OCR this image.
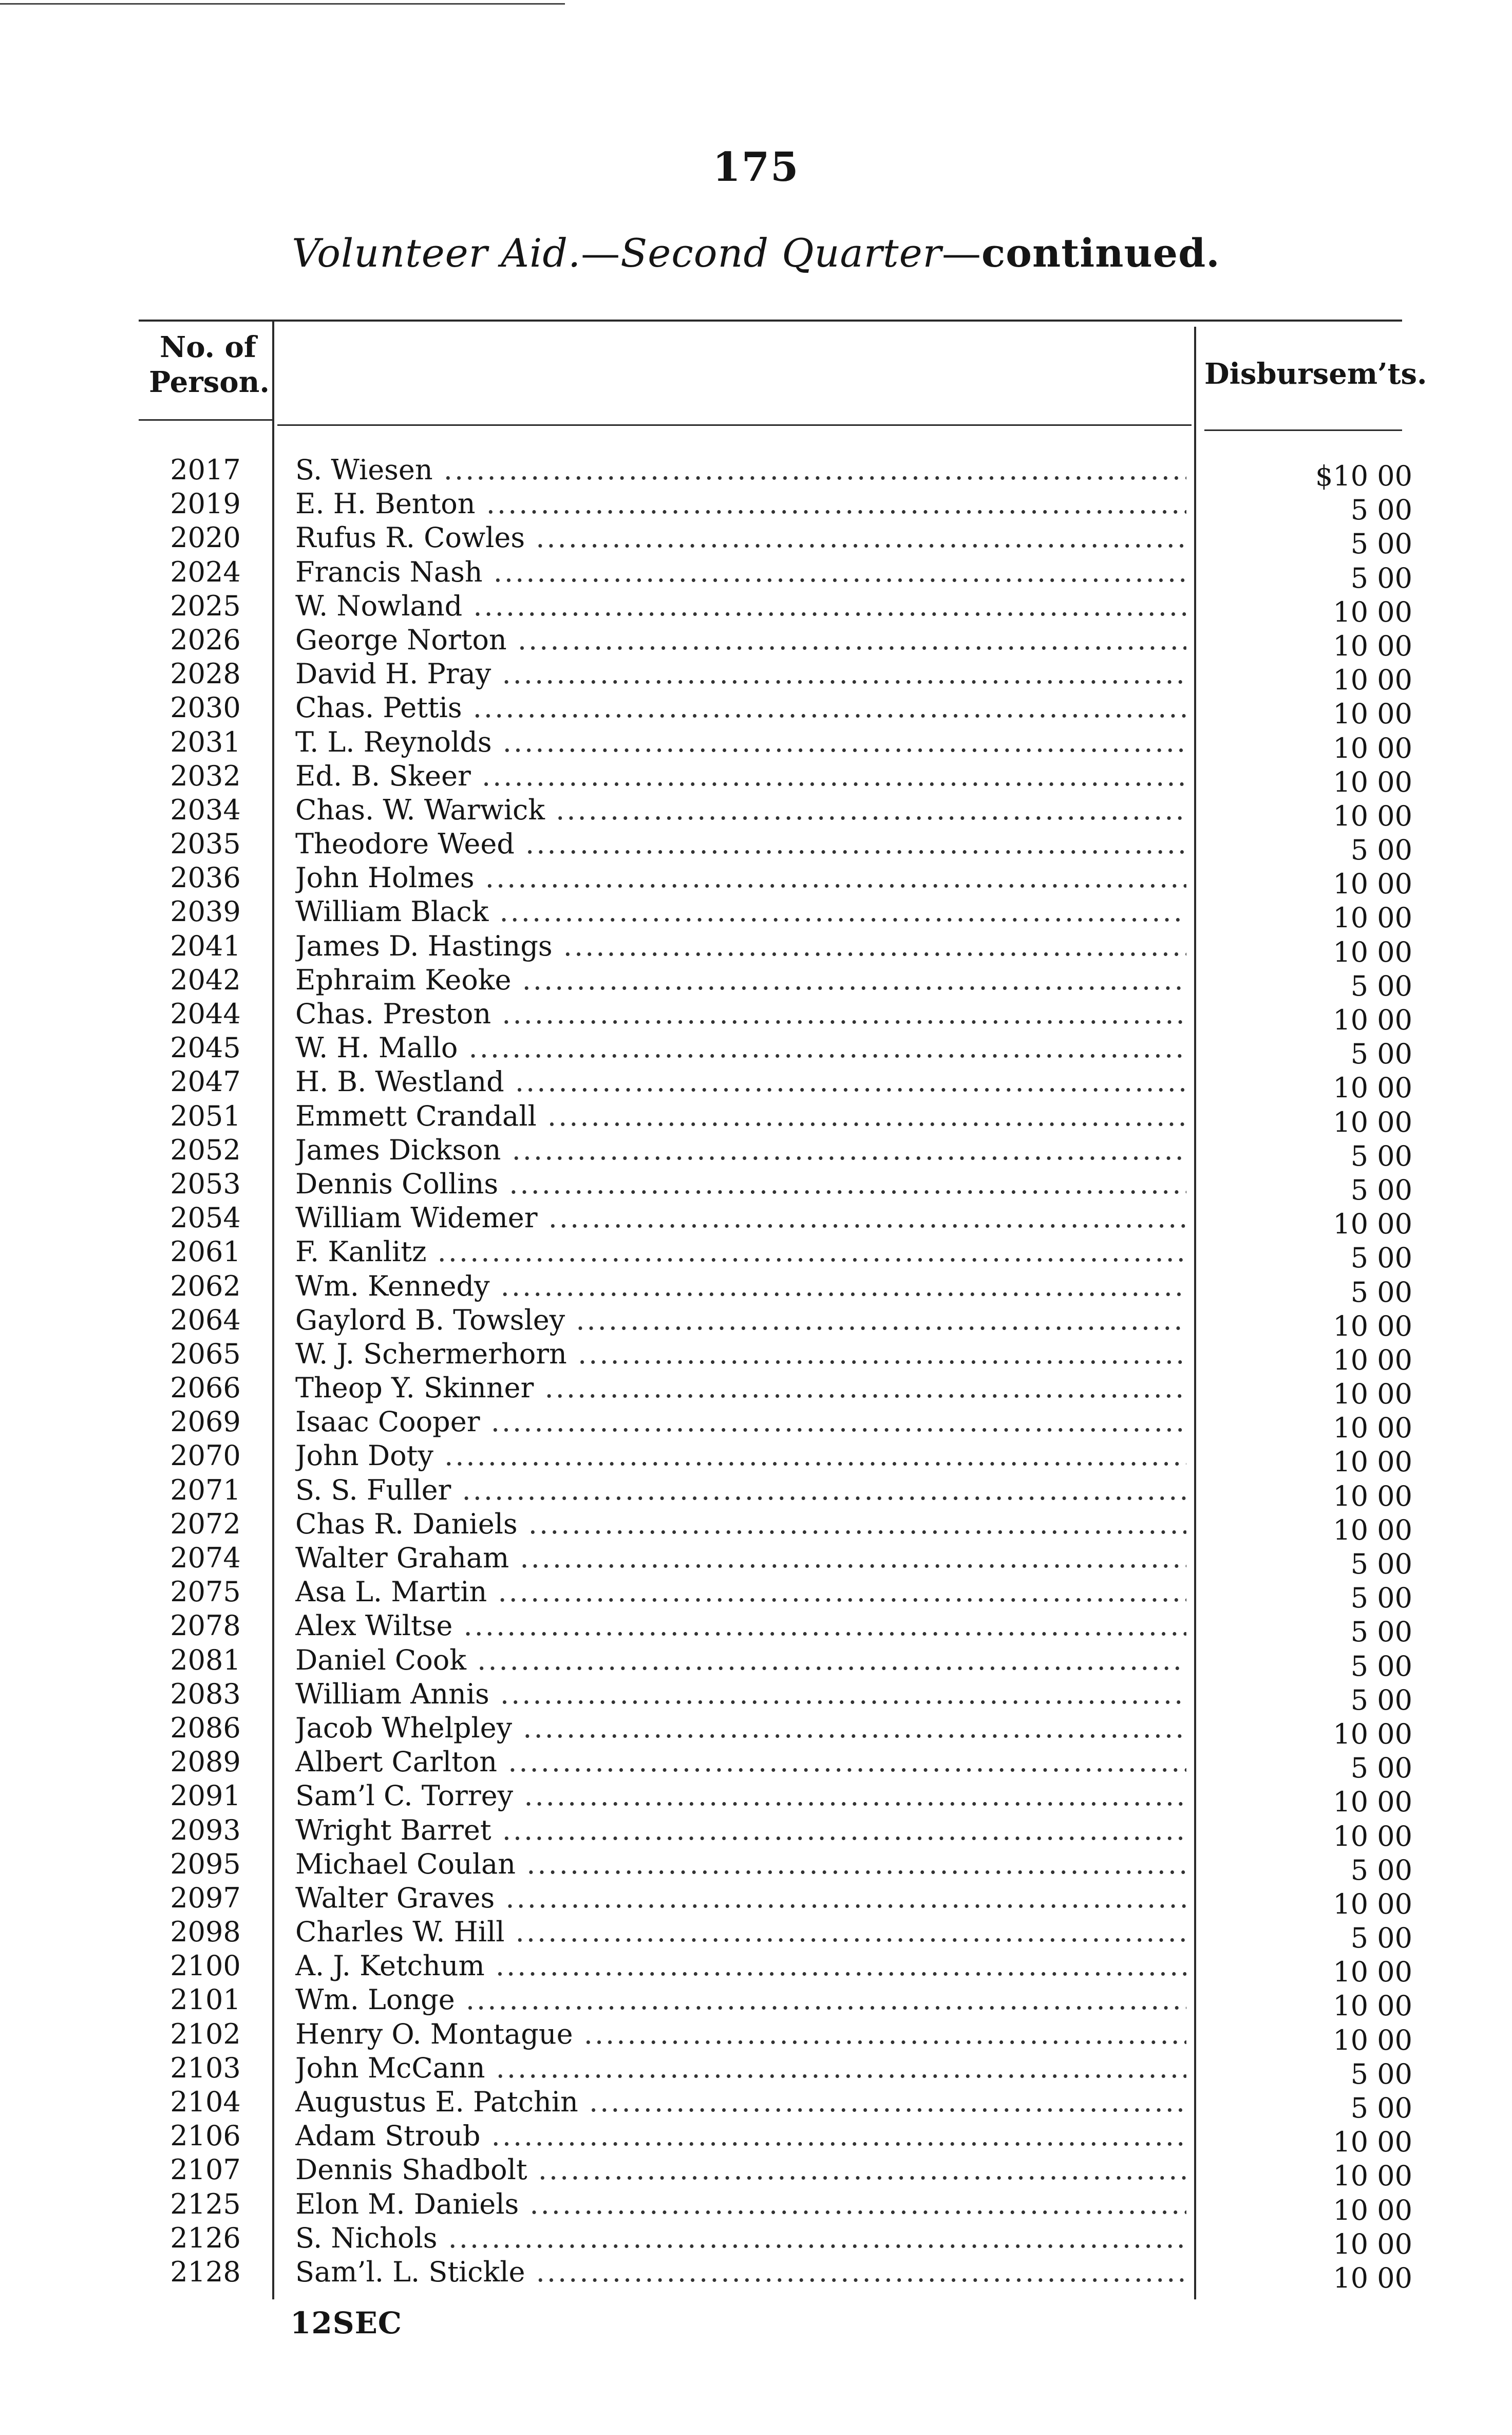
175
Volunteer Aid.—Second Quarter—continued.
No. of
Person.	Disbursem’ts.
2017	S. Wiesen .....	$10 00
2019	E. H. Benton .....	5 00
2020	Rufus R. Cowles .....	5 00
2024	Francis Nash .....	5 00
2025	W. Nowland .....	10 00
2026	George Norton .....	10 00
2028	David H. Pray .....	10 00
2030	Chas. Pettis .....	10 00
2031	T. L. Reynolds .....	10 00
2032	Ed. B. Skeer .....	10 00
2034	Chas. W. Warwick .....	10 00
2035	Theodore Weed .....	5 00
2036	John Holmes .....	10 00
2039	William Black .....	10 00
2041	James D. Hastings .....	10 00
2042	Ephraim Keoke .....	5 00
2044	Chas. Preston .....	10 00
2045	W. H. Mallo .....	5 00
2047	H. B. Westland .....	10 00
2051	Emmett Crandall .....	10 00
2052	James Dickson .....	5 00
2053	Dennis Collins .....	5 00
2054	William Widemer .....	10 00
2061	F. Kanlitz .....	5 00
2062	Wm. Kennedy .....	5 00
2064	Gaylord B. Towsley .....	10 00
2065	W. J. Schermerhorn .....	10 00
2066	Theop Y. Skinner .....	10 00
2069	Isaac Cooper .....	10 00
2070	John Doty .....	10 00
2071	S. S. Fuller .....	10 00
2072	Chas R. Daniels .....	10 00
2074	Walter Graham .....	5 00
2075	Asa L. Martin .....	5 00
2078	Alex Wiltse .....	5 00
2081	Daniel Cook .....	5 00
2083	William Annis .....	5 00
2086	Jacob Whelpley .....	10 00
2089	Albert Carlton .....	5 00
2091	Sam’l C. Torrey .....	10 00
2093	Wright Barret .....	10 00
2095	Michael Coulan .....	5 00
2097	Walter Graves .....	10 00
2098	Charles W. Hill .....	5 00
2100	A. J. Ketchum .....	10 00
2101	Wm. Longe .....	10 00
2102	Henry O. Montague .....	10 00
2103	John McCann .....	5 00
2104	Augustus E. Patchin .....	5 00
2106	Adam Stroub .....	10 00
2107	Dennis Shadbolt .....	10 00
2125	Elon M. Daniels .....	10 00
2126	S. Nichols .....	10 00
2128	Sam’l. L. Stickle .....	10 00
12SEC
